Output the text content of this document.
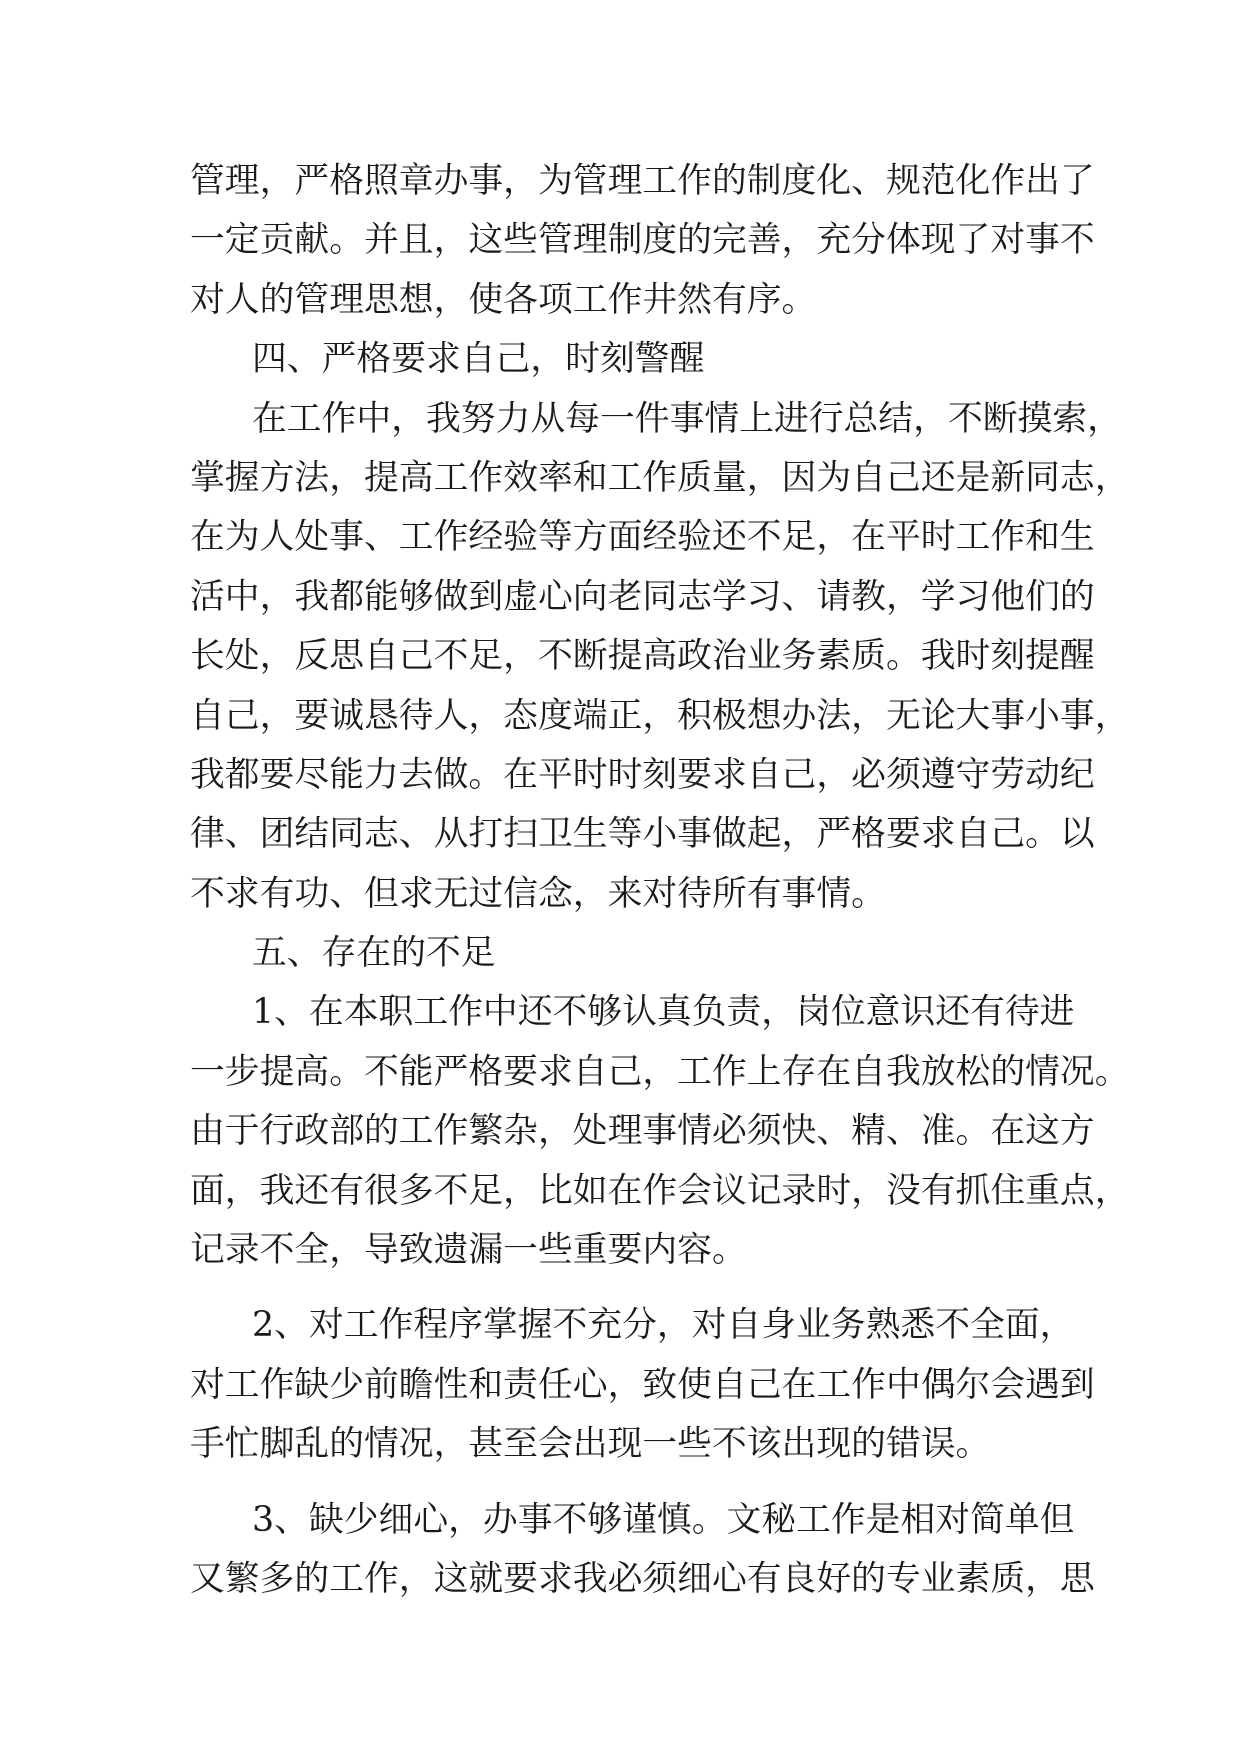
管理，严格照章办事，为管理工作的制度化、规范化作出了
一定贡献。并且，这些管理制度的完善，充分体现了对事不
对人的管理思想，使各项工作井然有序。
四、严格要求自己，时刻警醒
在工作中，我努力从每一件事情上进行总结，不断摸索，
掌握方法，提高工作效率和工作质量，因为自己还是新同志，
在为人处事、工作经验等方面经验还不足，在平时工作和生
活中，我都能够做到虚心向老同志学习、请教，学习他们的
长处，反思自己不足，不断提高政治业务素质。我时刻提醒
自己，要诚恳待人，态度端正，积极想办法，无论大事小事，
我都要尽能力去做。在平时时刻要求自己，必须遵守劳动纪
律、团结同志、从打扫卫生等小事做起，严格要求自己。以
不求有功、但求无过信念，来对待所有事情。
五、存在的不足
1、在本职工作中还不够认真负责，岗位意识还有待进
一步提高。不能严格要求自己，工作上存在自我放松的情况。
由于行政部的工作繁杂，处理事情必须快、精、准。在这方
面，我还有很多不足，比如在作会议记录时，没有抓住重点，
记录不全，导致遗漏一些重要内容。
2、对工作程序掌握不充分，对自身业务熟悉不全面，
对工作缺少前瞻性和责任心，致使自己在工作中偶尔会遇到
手忙脚乱的情况，甚至会出现一些不该出现的错误。
3、缺少细心，办事不够谨慎。文秘工作是相对简单但
又繁多的工作，这就要求我必须细心有良好的专业素质，思
